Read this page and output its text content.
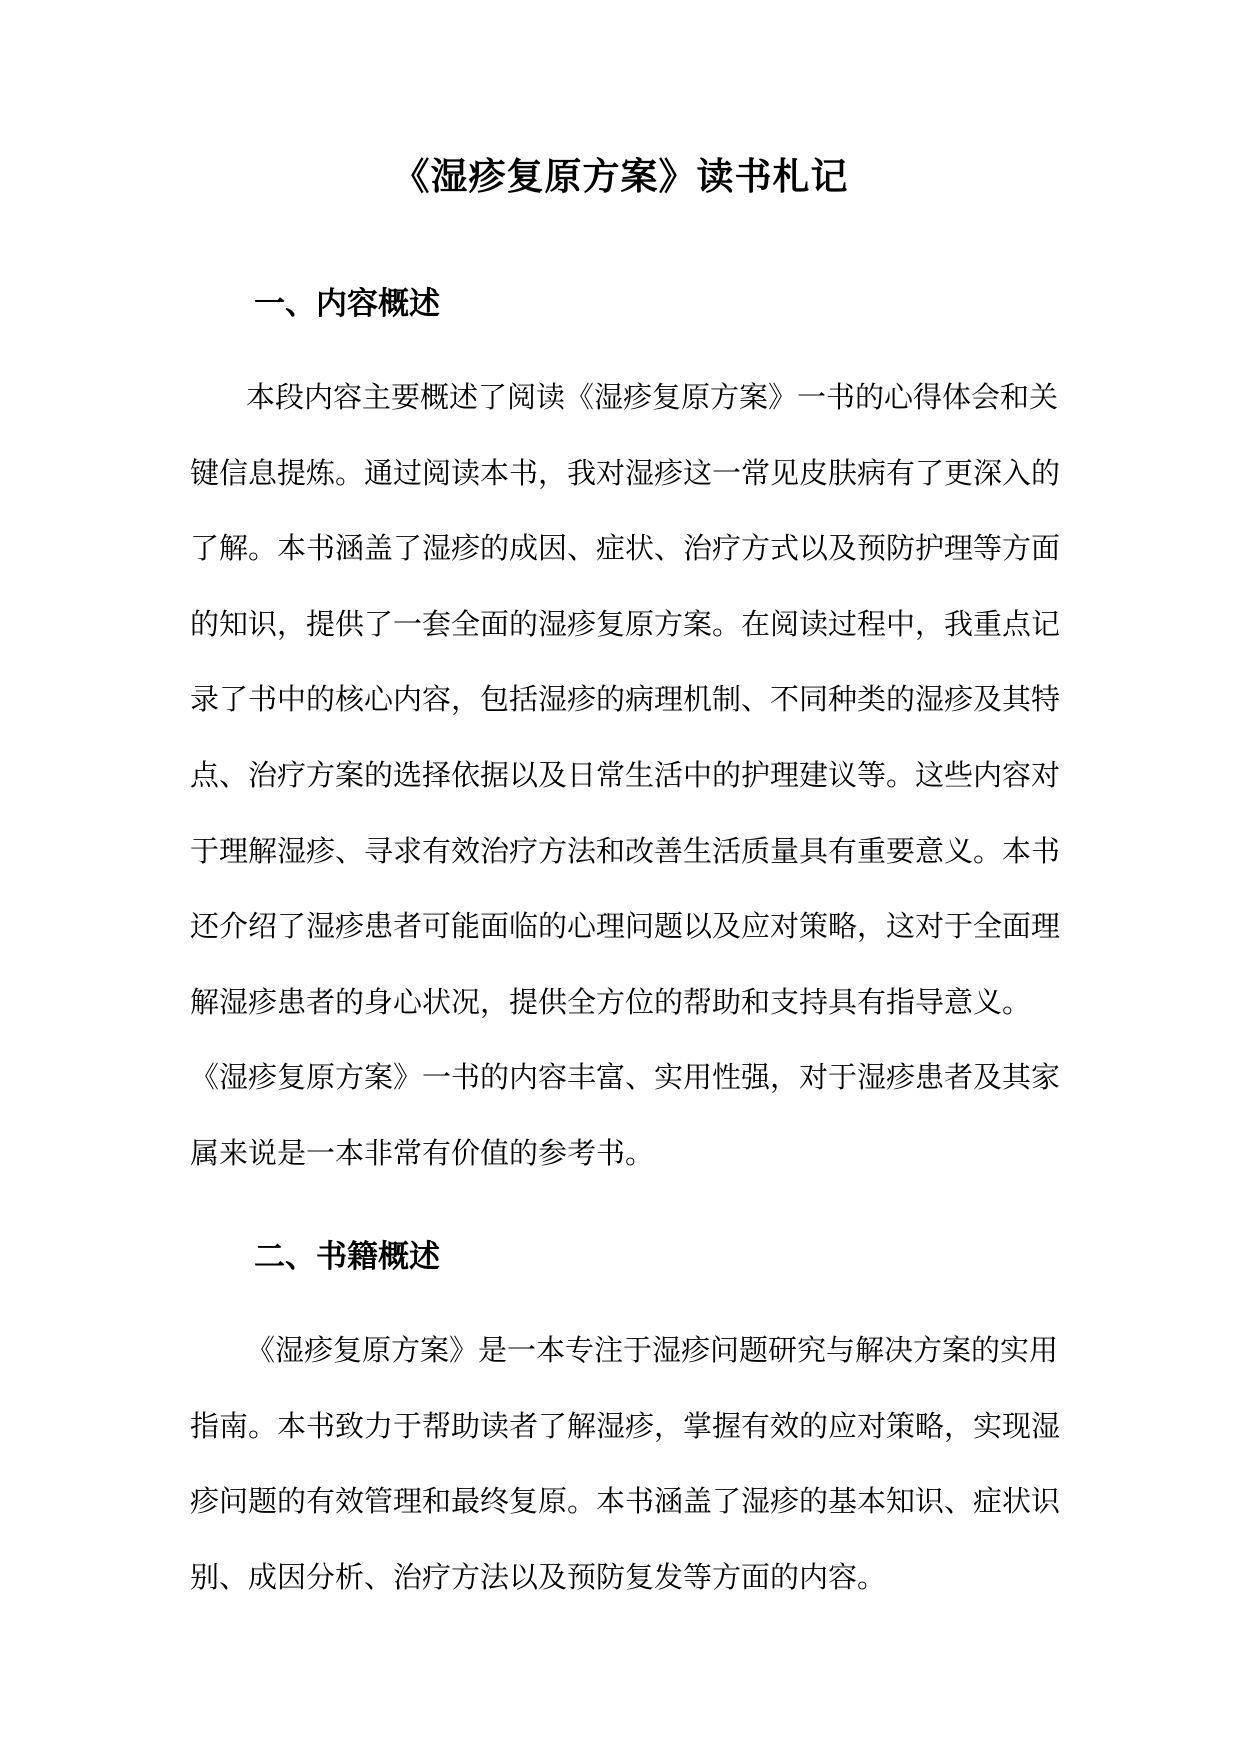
《湿疹复原方案》读书札记
一、内容概述
本段内容主要概述了阅读《湿疹复原方案》一书的心得体会和关
键信息提炼。通过阅读本书，我对湿疹这一常见皮肤病有了更深入的
了解。本书涵盖了湿疹的成因、症状、治疗方式以及预防护理等方面
的知识，提供了一套全面的湿疹复原方案。在阅读过程中，我重点记
录了书中的核心内容，包括湿疹的病理机制、不同种类的湿疹及其特
点、治疗方案的选择依据以及日常生活中的护理建议等。这些内容对
于理解湿疹、寻求有效治疗方法和改善生活质量具有重要意义。本书
还介绍了湿疹患者可能面临的心理问题以及应对策略，这对于全面理
解湿疹患者的身心状况，提供全方位的帮助和支持具有指导意义。
《湿疹复原方案》一书的内容丰富、实用性强，对于湿疹患者及其家
属来说是一本非常有价值的参考书。
二、书籍概述
《湿疹复原方案》是一本专注于湿疹问题研究与解决方案的实用
指南。本书致力于帮助读者了解湿疹，掌握有效的应对策略，实现湿
疹问题的有效管理和最终复原。本书涵盖了湿疹的基本知识、症状识
别、成因分析、治疗方法以及预防复发等方面的内容。
